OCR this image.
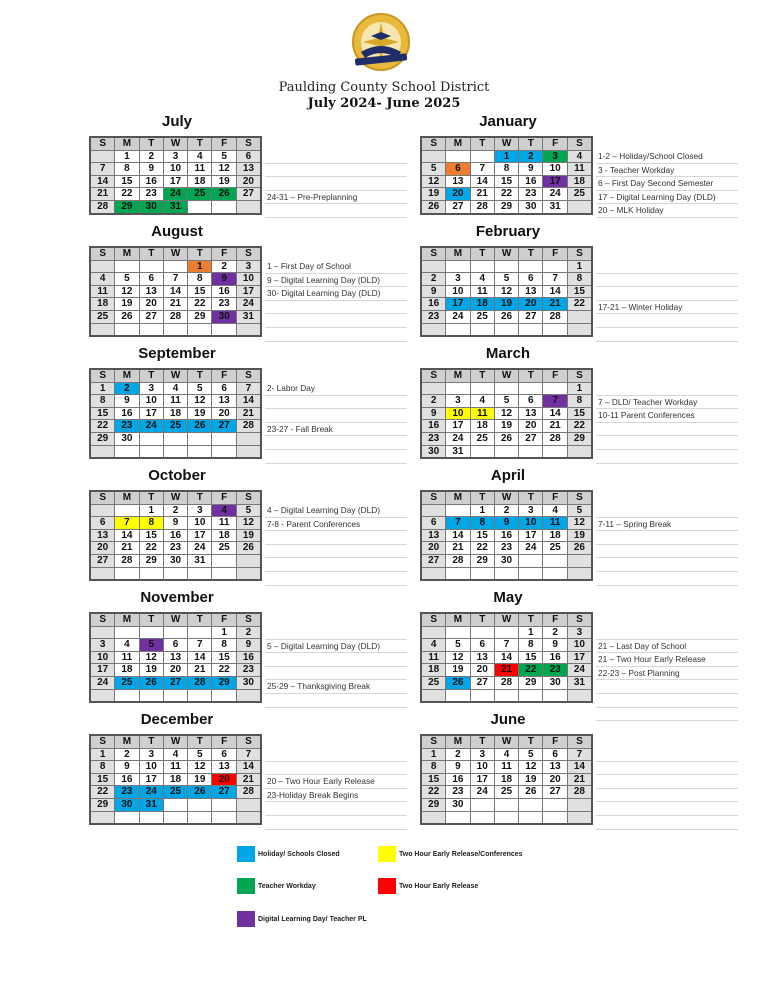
Paulding County School District
July 2024- June 2025
July
S	M	T	W	T	F	S
	1	2	3	4	5	6
7	8	9	10	11	12	13
14	15	16	17	18	19	20
21	22	23	24	25	26	27
28	29	30	31			
24-31 – Pre-Preplanning
August
S	M	T	W	T	F	S
				1	2	3
4	5	6	7	8	9	10
11	12	13	14	15	16	17
18	19	20	21	22	23	24
25	26	27	28	29	30	31

1 – First Day of School
9 – Digital Learning Day (DLD)
30- Digital Learning Day (DLD)
September
S	M	T	W	T	F	S
1	2	3	4	5	6	7
8	9	10	11	12	13	14
15	16	17	18	19	20	21
22	23	24	25	26	27	28
29	30					

2- Labor Day
23-27 - Fall Break
October
S	M	T	W	T	F	S
		1	2	3	4	5
6	7	8	9	10	11	12
13	14	15	16	17	18	19
20	21	22	23	24	25	26
27	28	29	30	31		

4 – Digital Learning Day (DLD)
7-8 - Parent Conferences
November
S	M	T	W	T	F	S
					1	2
3	4	5	6	7	8	9
10	11	12	13	14	15	16
17	18	19	20	21	22	23
24	25	26	27	28	29	30

5 – Digital Learning Day (DLD)
25-29 – Thanksgiving Break
December
S	M	T	W	T	F	S
1	2	3	4	5	6	7
8	9	10	11	12	13	14
15	16	17	18	19	20	21
22	23	24	25	26	27	28
29	30	31				

20 – Two Hour Early Release
23-Holiday Break Begins
January
S	M	T	W	T	F	S
			1	2	3	4
5	6	7	8	9	10	11
12	13	14	15	16	17	18
19	20	21	22	23	24	25
26	27	28	29	30	31	
1-2 – Holiday/School Closed
3 - Teacher Workday
6 – First Day Second Semester
17 – Digital Learning Day (DLD)
20 – MLK Holiday
February
S	M	T	W	T	F	S
						1
2	3	4	5	6	7	8
9	10	11	12	13	14	15
16	17	18	19	20	21	22
23	24	25	26	27	28	

17-21 – Winter Holiday
March
S	M	T	W	T	F	S
						1
2	3	4	5	6	7	8
9	10	11	12	13	14	15
16	17	18	19	20	21	22
23	24	25	26	27	28	29
30	31					
7 – DLD/ Teacher Workday
10-11 Parent Conferences
April
S	M	T	W	T	F	S
		1	2	3	4	5
6	7	8	9	10	11	12
13	14	15	16	17	18	19
20	21	22	23	24	25	26
27	28	29	30			

7-11 – Spring Break
May
S	M	T	W	T	F	S
				1	2	3
4	5	6	7	8	9	10
11	12	13	14	15	16	17
18	19	20	21	22	23	24
25	26	27	28	29	30	31

21 – Last Day of School
21 – Two Hour Early Release
22-23 – Post Planning
June
S	M	T	W	T	F	S
1	2	3	4	5	6	7
8	9	10	11	12	13	14
15	16	17	18	19	20	21
22	23	24	25	26	27	28
29	30					

Holiday/ Schools Closed	Two Hour Early Release/Conferences
Teacher Workday	Two Hour Early Release
Digital Learning Day/ Teacher PL
